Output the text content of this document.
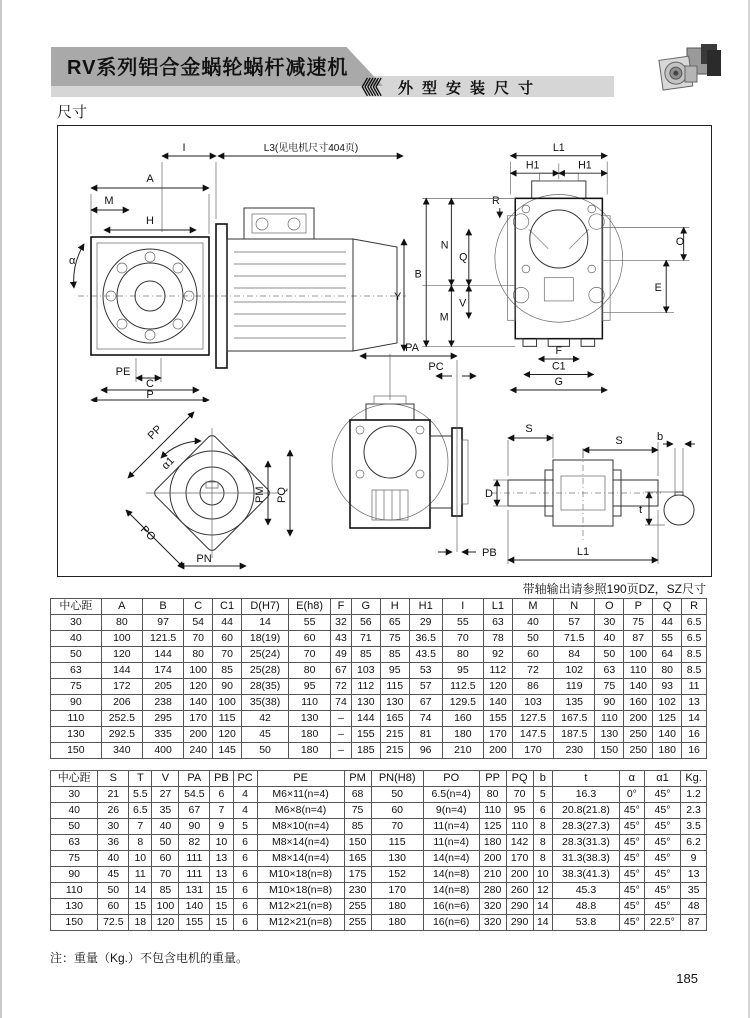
RV系列铝合金蜗轮蜗杆减速机
《《《 外型安装尺寸
尺寸
I	L3(见电机尺寸404页)
A
M
H
α
Y
PE
C
P
L1
H1	H1
R
B
N
Q
M
V
O
E
F
C1
G
PP
α1
PO
PM PQ
PN
PA
PC
PB
S
S
D
L1
b
t
带轴输出请参照190页DZ，SZ尺寸
中心距	A	B	C	C1	D(H7)	E(h8)	F	G	H	H1	I	L1	M	N	O	P	Q	R
30	80	97	54	44	14	55	32	56	65	29	55	63	40	57	30	75	44	6.5
40	100	121.5	70	60	18(19)	60	43	71	75	36.5	70	78	50	71.5	40	87	55	6.5
50	120	144	80	70	25(24)	70	49	85	85	43.5	80	92	60	84	50	100	64	8.5
63	144	174	100	85	25(28)	80	67	103	95	53	95	112	72	102	63	110	80	8.5
75	172	205	120	90	28(35)	95	72	112	115	57	112.5	120	86	119	75	140	93	11
90	206	238	140	100	35(38)	110	74	130	130	67	129.5	140	103	135	90	160	102	13
110	252.5	295	170	115	42	130	–	144	165	74	160	155	127.5	167.5	110	200	125	14
130	292.5	335	200	120	45	180	–	155	215	81	180	170	147.5	187.5	130	250	140	16
150	340	400	240	145	50	180	–	185	215	96	210	200	170	230	150	250	180	16
中心距	S	T	V	PA	PB	PC	PE	PM	PN(H8)	PO	PP	PQ	b	t	α	α1	Kg.
30	21	5.5	27	54.5	6	4	M6×11(n=4)	68	50	6.5(n=4)	80	70	5	16.3	0°	45°	1.2
40	26	6.5	35	67	7	4	M6×8(n=4)	75	60	9(n=4)	110	95	6	20.8(21.8)	45°	45°	2.3
50	30	7	40	90	9	5	M8×10(n=4)	85	70	11(n=4)	125	110	8	28.3(27.3)	45°	45°	3.5
63	36	8	50	82	10	6	M8×14(n=4)	150	115	11(n=4)	180	142	8	28.3(31.3)	45°	45°	6.2
75	40	10	60	111	13	6	M8×14(n=4)	165	130	14(n=4)	200	170	8	31.3(38.3)	45°	45°	9
90	45	11	70	111	13	6	M10×18(n=8)	175	152	14(n=8)	210	200	10	38.3(41.3)	45°	45°	13
110	50	14	85	131	15	6	M10×18(n=8)	230	170	14(n=8)	280	260	12	45.3	45°	45°	35
130	60	15	100	140	15	6	M12×21(n=8)	255	180	16(n=6)	320	290	14	48.8	45°	45°	48
150	72.5	18	120	155	15	6	M12×21(n=8)	255	180	16(n=6)	320	290	14	53.8	45°	22.5°	87
注：重量（Kg.）不包含电机的重量。
185
